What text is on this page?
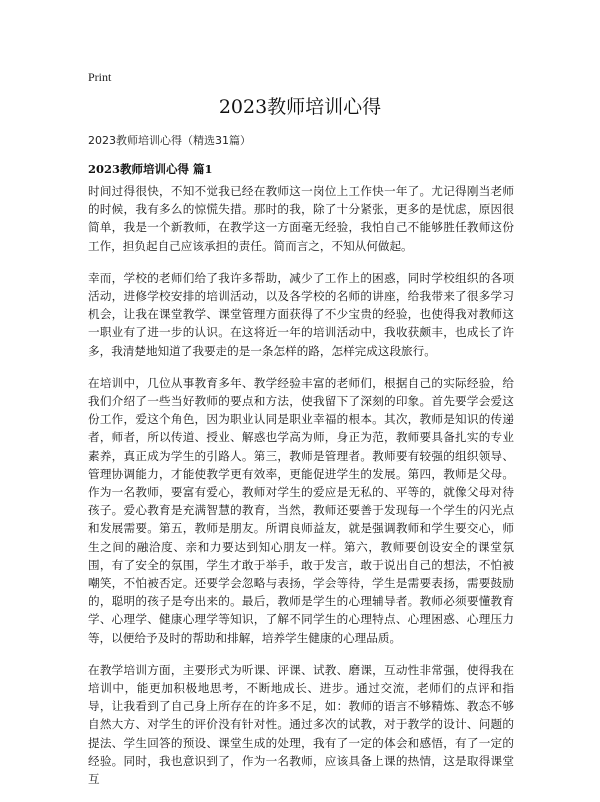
Print
2023教师培训心得
2023教师培训心得（精选31篇）
2023教师培训心得 篇1

时间过得很快，不知不觉我已经在教师这一岗位上工作快一年了。尤记得刚当老师的时候，我有多么的惊慌失措。那时的我，除了十分紧张，更多的是忧虑，原因很简单，我是一个新教师，在教学这一方面毫无经验，我怕自己不能够胜任教师这份工作，担负起自己应该承担的责任。简而言之，不知从何做起。

幸而，学校的老师们给了我许多帮助，减少了工作上的困惑，同时学校组织的各项活动，进修学校安排的培训活动，以及各学校的名师的讲座，给我带来了很多学习机会，让我在课堂教学、课堂管理方面获得了不少宝贵的经验，也使得我对教师这一职业有了进一步的认识。在这将近一年的培训活动中，我收获颇丰，也成长了许多，我清楚地知道了我要走的是一条怎样的路，怎样完成这段旅行。

在培训中，几位从事教育多年、教学经验丰富的老师们，根据自己的实际经验，给我们介绍了一些当好教师的要点和方法，使我留下了深刻的印象。首先要学会爱这份工作，爱这个角色，因为职业认同是职业幸福的根本。其次，教师是知识的传递者，师者，所以传道、授业、解惑也学高为师，身正为范，教师要具备扎实的专业素养，真正成为学生的引路人。第三，教师是管理者。教师要有较强的组织领导、管理协调能力，才能使教学更有效率，更能促进学生的发展。第四，教师是父母。作为一名教师，要富有爱心，教师对学生的爱应是无私的、平等的，就像父母对待孩子。爱心教育是充满智慧的教育，当然，教师还要善于发现每一个学生的闪光点和发展需要。第五，教师是朋友。所谓良师益友，就是强调教师和学生要交心，师生之间的融洽度、亲和力要达到知心朋友一样。第六，教师要创设安全的课堂氛围，有了安全的氛围，学生才敢于举手，敢于发言，敢于说出自己的想法，不怕被嘲笑，不怕被否定。还要学会忽略与表扬，学会等待，学生是需要表扬，需要鼓励的，聪明的孩子是夸出来的。最后，教师是学生的心理辅导者。教师必须要懂教育学、心理学、健康心理学等知识，了解不同学生的心理特点、心理困惑、心理压力等，以便给予及时的帮助和排解，培养学生健康的心理品质。

在教学培训方面，主要形式为听课、评课、试教、磨课，互动性非常强，使得我在培训中，能更加积极地思考，不断地成长、进步。通过交流，老师们的点评和指导，让我看到了自己身上所存在的许多不足，如：教师的语言不够精炼、教态不够自然大方、对学生的评价没有针对性。通过多次的试教，对于教学的设计、问题的提法、学生回答的预设、课堂生成的处理，我有了一定的体会和感悟，有了一定的经验。同时，我也意识到了，作为一名教师，应该具备上课的热情，这是取得课堂互
